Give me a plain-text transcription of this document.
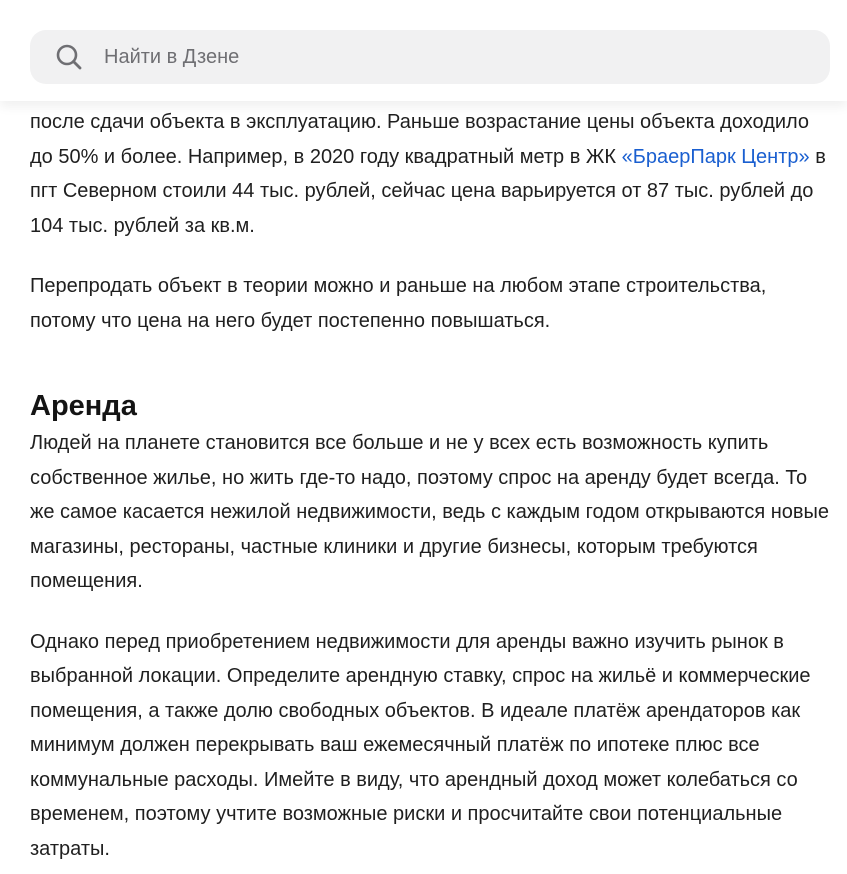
Найти в Дзене

после сдачи объекта в эксплуатацию. Раньше возрастание цены объекта доходило до 50% и более. Например, в 2020 году квадратный метр в ЖК «БраерПарк Центр» в пгт Северном стоили 44 тыс. рублей, сейчас цена варьируется от 87 тыс. рублей до 104 тыс. рублей за кв.м.

Перепродать объект в теории можно и раньше на любом этапе строительства, потому что цена на него будет постепенно повышаться.

Аренда

Людей на планете становится все больше и не у всех есть возможность купить собственное жилье, но жить где-то надо, поэтому спрос на аренду будет всегда. То же самое касается нежилой недвижимости, ведь с каждым годом открываются новые магазины, рестораны, частные клиники и другие бизнесы, которым требуются помещения.

Однако перед приобретением недвижимости для аренды важно изучить рынок в выбранной локации. Определите арендную ставку, спрос на жильё и коммерческие помещения, а также долю свободных объектов. В идеале платёж арендаторов как минимум должен перекрывать ваш ежемесячный платёж по ипотеке плюс все коммунальные расходы. Имейте в виду, что арендный доход может колебаться со временем, поэтому учтите возможные риски и просчитайте свои потенциальные затраты.
